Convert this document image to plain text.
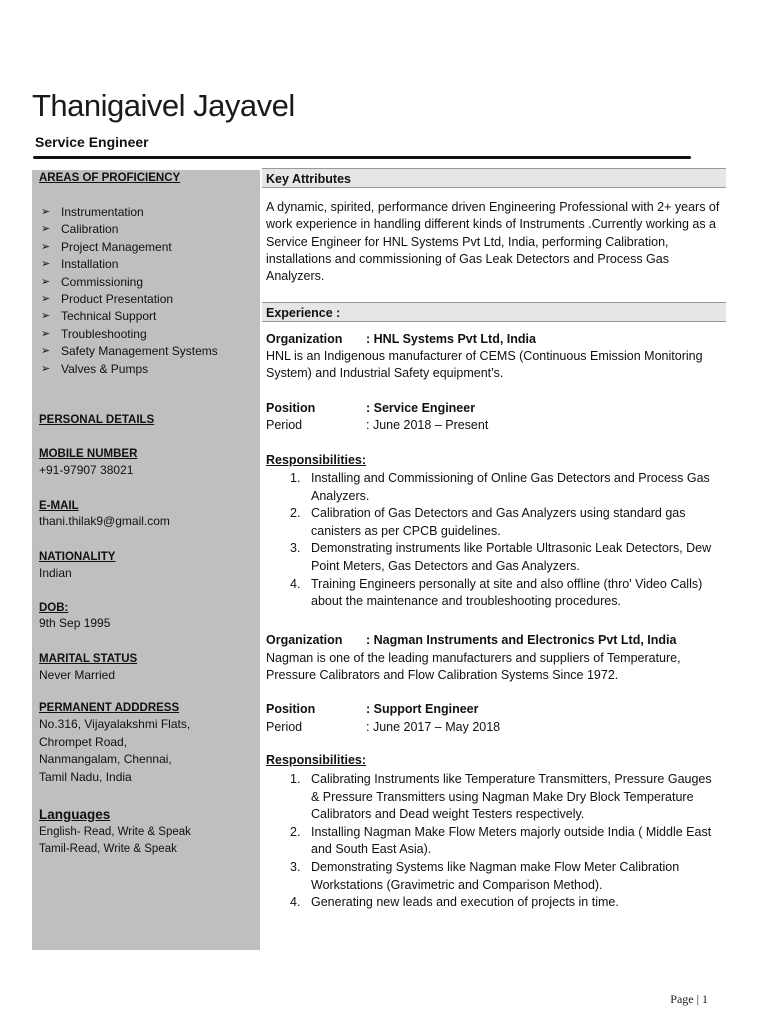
Thanigaivel Jayavel
Service Engineer
AREAS OF PROFICIENCY
➢ Instrumentation
➢ Calibration
➢ Project Management
➢ Installation
➢ Commissioning
➢ Product Presentation
➢ Technical Support
➢ Troubleshooting
➢ Safety Management Systems
➢ Valves & Pumps
PERSONAL DETAILS
MOBILE NUMBER
+91-97907 38021
E-MAIL
thani.thilak9@gmail.com
NATIONALITY
Indian
DOB:
9th Sep 1995
MARITAL STATUS
Never Married
PERMANENT ADDDRESS
No.316, Vijayalakshmi Flats,
Chrompet Road,
Nanmangalam, Chennai,
Tamil Nadu, India
Languages
English- Read, Write & Speak
Tamil-Read, Write & Speak
Key Attributes
A dynamic, spirited, performance driven Engineering Professional with 2+ years of work experience in handling different kinds of Instruments .Currently working as a Service Engineer for HNL Systems Pvt Ltd, India, performing Calibration, installations and commissioning of Gas Leak Detectors and Process Gas Analyzers.
Experience :
Organization : HNL Systems Pvt Ltd, India
HNL is an Indigenous manufacturer of CEMS (Continuous Emission Monitoring System) and Industrial Safety equipment’s.
Position	: Service Engineer
Period	: June 2018 – Present
Responsibilities:
1. Installing and Commissioning of Online Gas Detectors and Process Gas Analyzers.
2. Calibration of Gas Detectors and Gas Analyzers using standard gas canisters as per CPCB guidelines.
3. Demonstrating instruments like Portable Ultrasonic Leak Detectors, Dew Point Meters, Gas Detectors and Gas Analyzers.
4. Training Engineers personally at site and also offline (thro' Video Calls) about the maintenance and troubleshooting procedures.
Organization : Nagman Instruments and Electronics Pvt Ltd, India
Nagman is one of the leading manufacturers and suppliers of Temperature, Pressure Calibrators and Flow Calibration Systems Since 1972.
Position	: Support Engineer
Period	: June 2017 – May 2018
Responsibilities:
1. Calibrating Instruments like Temperature Transmitters, Pressure Gauges & Pressure Transmitters using Nagman Make Dry Block Temperature Calibrators and Dead weight Testers respectively.
2. Installing Nagman Make Flow Meters majorly outside India ( Middle East and South East Asia).
3. Demonstrating Systems like Nagman make Flow Meter Calibration Workstations (Gravimetric and Comparison Method).
4. Generating new leads and execution of projects in time.
Page | 1
